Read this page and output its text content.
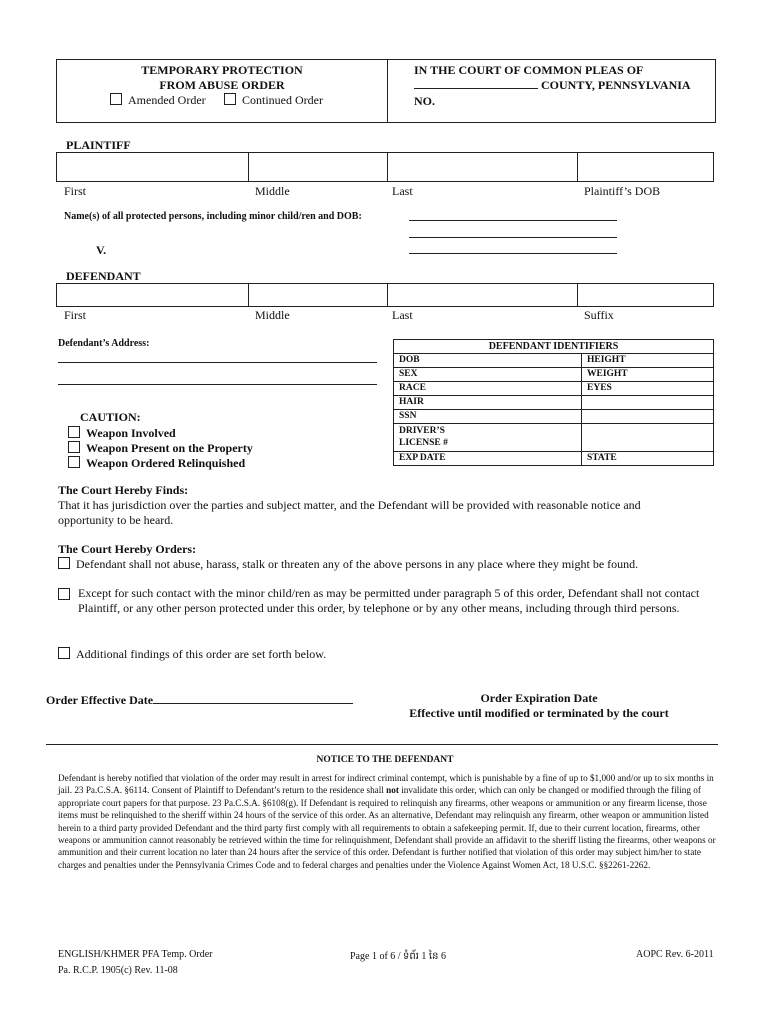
TEMPORARY PROTECTION
FROM ABUSE ORDER
Amended Order	Continued Order
IN THE COURT OF COMMON PLEAS OF
COUNTY, PENNSYLVANIA
NO.
PLAINTIFF
First	Middle	Last	Plaintiff’s DOB
Name(s) of all protected persons, including minor child/ren and DOB:
V.
DEFENDANT
First	Middle	Last	Suffix
Defendant’s Address:	DEFENDANT IDENTIFIERS
DOB	HEIGHT
SEX	WEIGHT
RACE	EYES
HAIR
SSN
DRIVER’S
LICENSE #
EXP DATE	STATE
CAUTION:
Weapon Involved
Weapon Present on the Property
Weapon Ordered Relinquished
The Court Hereby Finds:
That it has jurisdiction over the parties and subject matter, and the Defendant will be provided with reasonable notice and opportunity to be heard.
The Court Hereby Orders:
Defendant shall not abuse, harass, stalk or threaten any of the above persons in any place where they might be found.
Except for such contact with the minor child/ren as may be permitted under paragraph 5 of this order, Defendant shall not contact Plaintiff, or any other person protected under this order, by telephone or by any other means, including through third persons.
Additional findings of this order are set forth below.
Order Effective Date	Order Expiration Date
Effective until modified or terminated by the court
NOTICE TO THE DEFENDANT
Defendant is hereby notified that violation of the order may result in arrest for indirect criminal contempt, which is punishable by a fine of up to $1,000 and/or up to six months in jail. 23 Pa.C.S.A. §6114. Consent of Plaintiff to Defendant’s return to the residence shall not invalidate this order, which can only be changed or modified through the filing of appropriate court papers for that purpose. 23 Pa.C.S.A. §6108(g). If Defendant is required to relinquish any firearms, other weapons or ammunition or any firearm license, those items must be relinquished to the sheriff within 24 hours of the service of this order. As an alternative, Defendant may relinquish any firearm, other weapon or ammunition listed herein to a third party provided Defendant and the third party first comply with all requirements to obtain a safekeeping permit. If, due to their current location, firearms, other weapons or ammunition cannot reasonably be retrieved within the time for relinquishment, Defendant shall provide an affidavit to the sheriff listing the firearms, other weapons or ammunition and their current location no later than 24 hours after the service of this order. Defendant is further notified that violation of this order may subject him/her to state charges and penalties under the Pennsylvania Crimes Code and to federal charges and penalties under the Violence Against Women Act, 18 U.S.C. §§2261-2262.
ENGLISH/KHMER PFA Temp. Order
Pa. R.C.P. 1905(c) Rev. 11-08
Page 1 of 6 / ទំព័រ 1 នៃ 6	AOPC Rev. 6-2011
